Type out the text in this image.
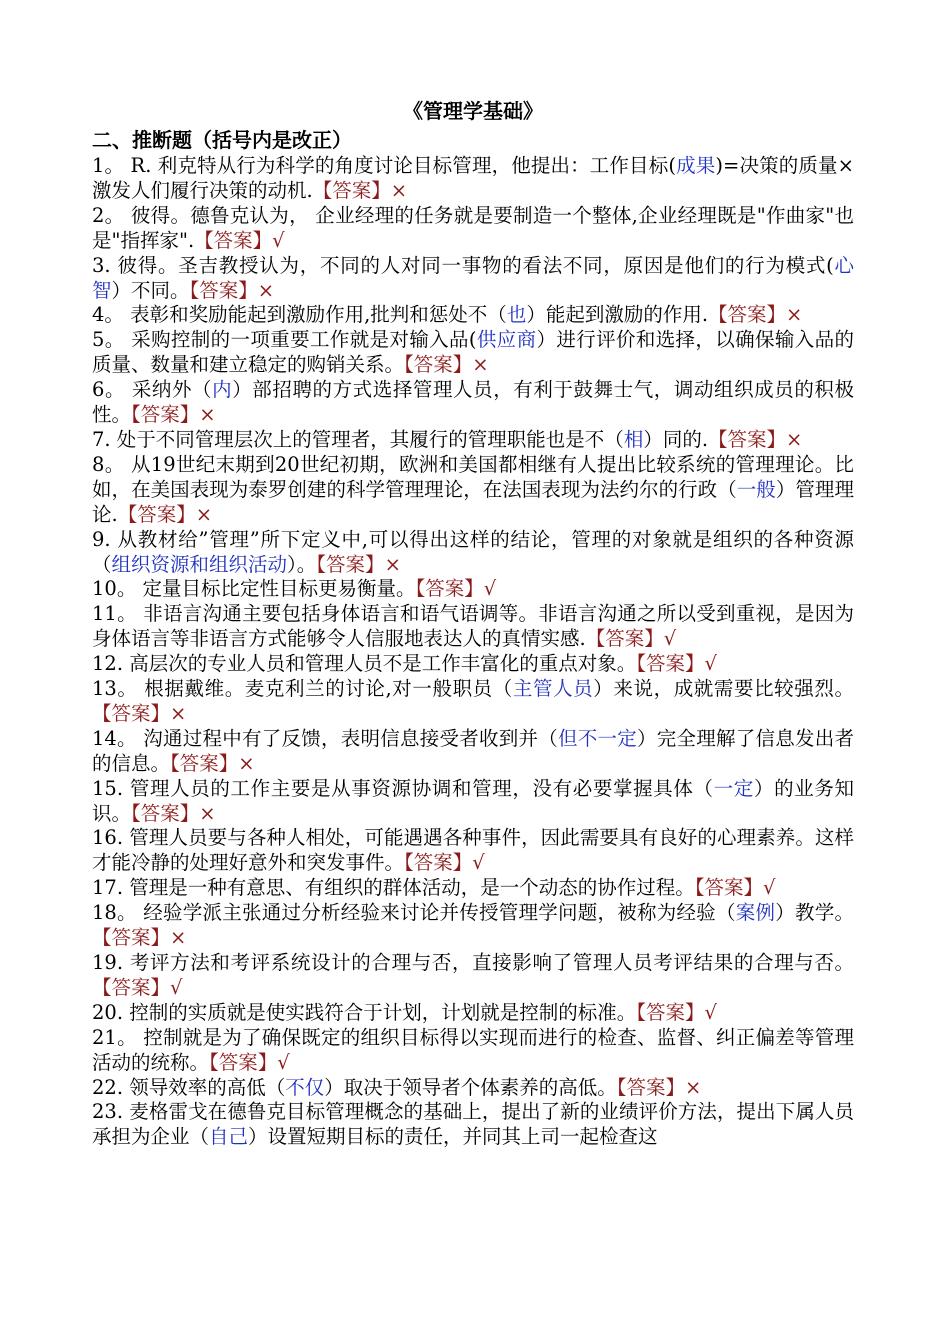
《管理学基础》

二、推断题（括号内是改正）

1。 R. 利克特从行为科学的角度讨论目标管理，他提出：工作目标(成果)=决策的质量×激发人们履行决策的动机.【答案】×

2。 彼得。德鲁克认为， 企业经理的任务就是要制造一个整体,企业经理既是"作曲家"也是"指挥家".【答案】√

3. 彼得。圣吉教授认为，不同的人对同一事物的看法不同，原因是他们的行为模式(心智）不同。【答案】×

4。 表彰和奖励能起到激励作用,批判和惩处不（也）能起到激励的作用.【答案】×

5。 采购控制的一项重要工作就是对输入品(供应商）进行评价和选择，以确保输入品的质量、数量和建立稳定的购销关系。【答案】×

6。 采纳外（内）部招聘的方式选择管理人员，有利于鼓舞士气，调动组织成员的积极性。【答案】×

7. 处于不同管理层次上的管理者，其履行的管理职能也是不（相）同的.【答案】×

8。 从19世纪末期到20世纪初期，欧洲和美国都相继有人提出比较系统的管理理论。比如，在美国表现为泰罗创建的科学管理理论，在法国表现为法约尔的行政（一般）管理理论.【答案】×

9. 从教材给”管理”所下定义中,可以得出这样的结论，管理的对象就是组织的各种资源（组织资源和组织活动）。【答案】×

10。 定量目标比定性目标更易衡量。【答案】√

11。 非语言沟通主要包括身体语言和语气语调等。非语言沟通之所以受到重视，是因为身体语言等非语言方式能够令人信服地表达人的真情实感.【答案】√

12. 高层次的专业人员和管理人员不是工作丰富化的重点对象。【答案】√

13。 根据戴维。麦克利兰的讨论,对一般职员（主管人员）来说，成就需要比较强烈。【答案】×

14。 沟通过程中有了反馈，表明信息接受者收到并（但不一定）完全理解了信息发出者的信息。【答案】×

15. 管理人员的工作主要是从事资源协调和管理，没有必要掌握具体（一定）的业务知识。【答案】×

16. 管理人员要与各种人相处，可能遇遇各种事件，因此需要具有良好的心理素养。这样才能冷静的处理好意外和突发事件。【答案】√

17. 管理是一种有意思、有组织的群体活动，是一个动态的协作过程。【答案】√

18。 经验学派主张通过分析经验来讨论并传授管理学问题，被称为经验（案例）教学。【答案】×

19. 考评方法和考评系统设计的合理与否，直接影响了管理人员考评结果的合理与否。【答案】√

20. 控制的实质就是使实践符合于计划，计划就是控制的标准。【答案】√

21。 控制就是为了确保既定的组织目标得以实现而进行的检查、监督、纠正偏差等管理活动的统称。【答案】√

22. 领导效率的高低（不仅）取决于领导者个体素养的高低。【答案】×

23. 麦格雷戈在德鲁克目标管理概念的基础上，提出了新的业绩评价方法，提出下属人员承担为企业（自己）设置短期目标的责任，并同其上司一起检查这
